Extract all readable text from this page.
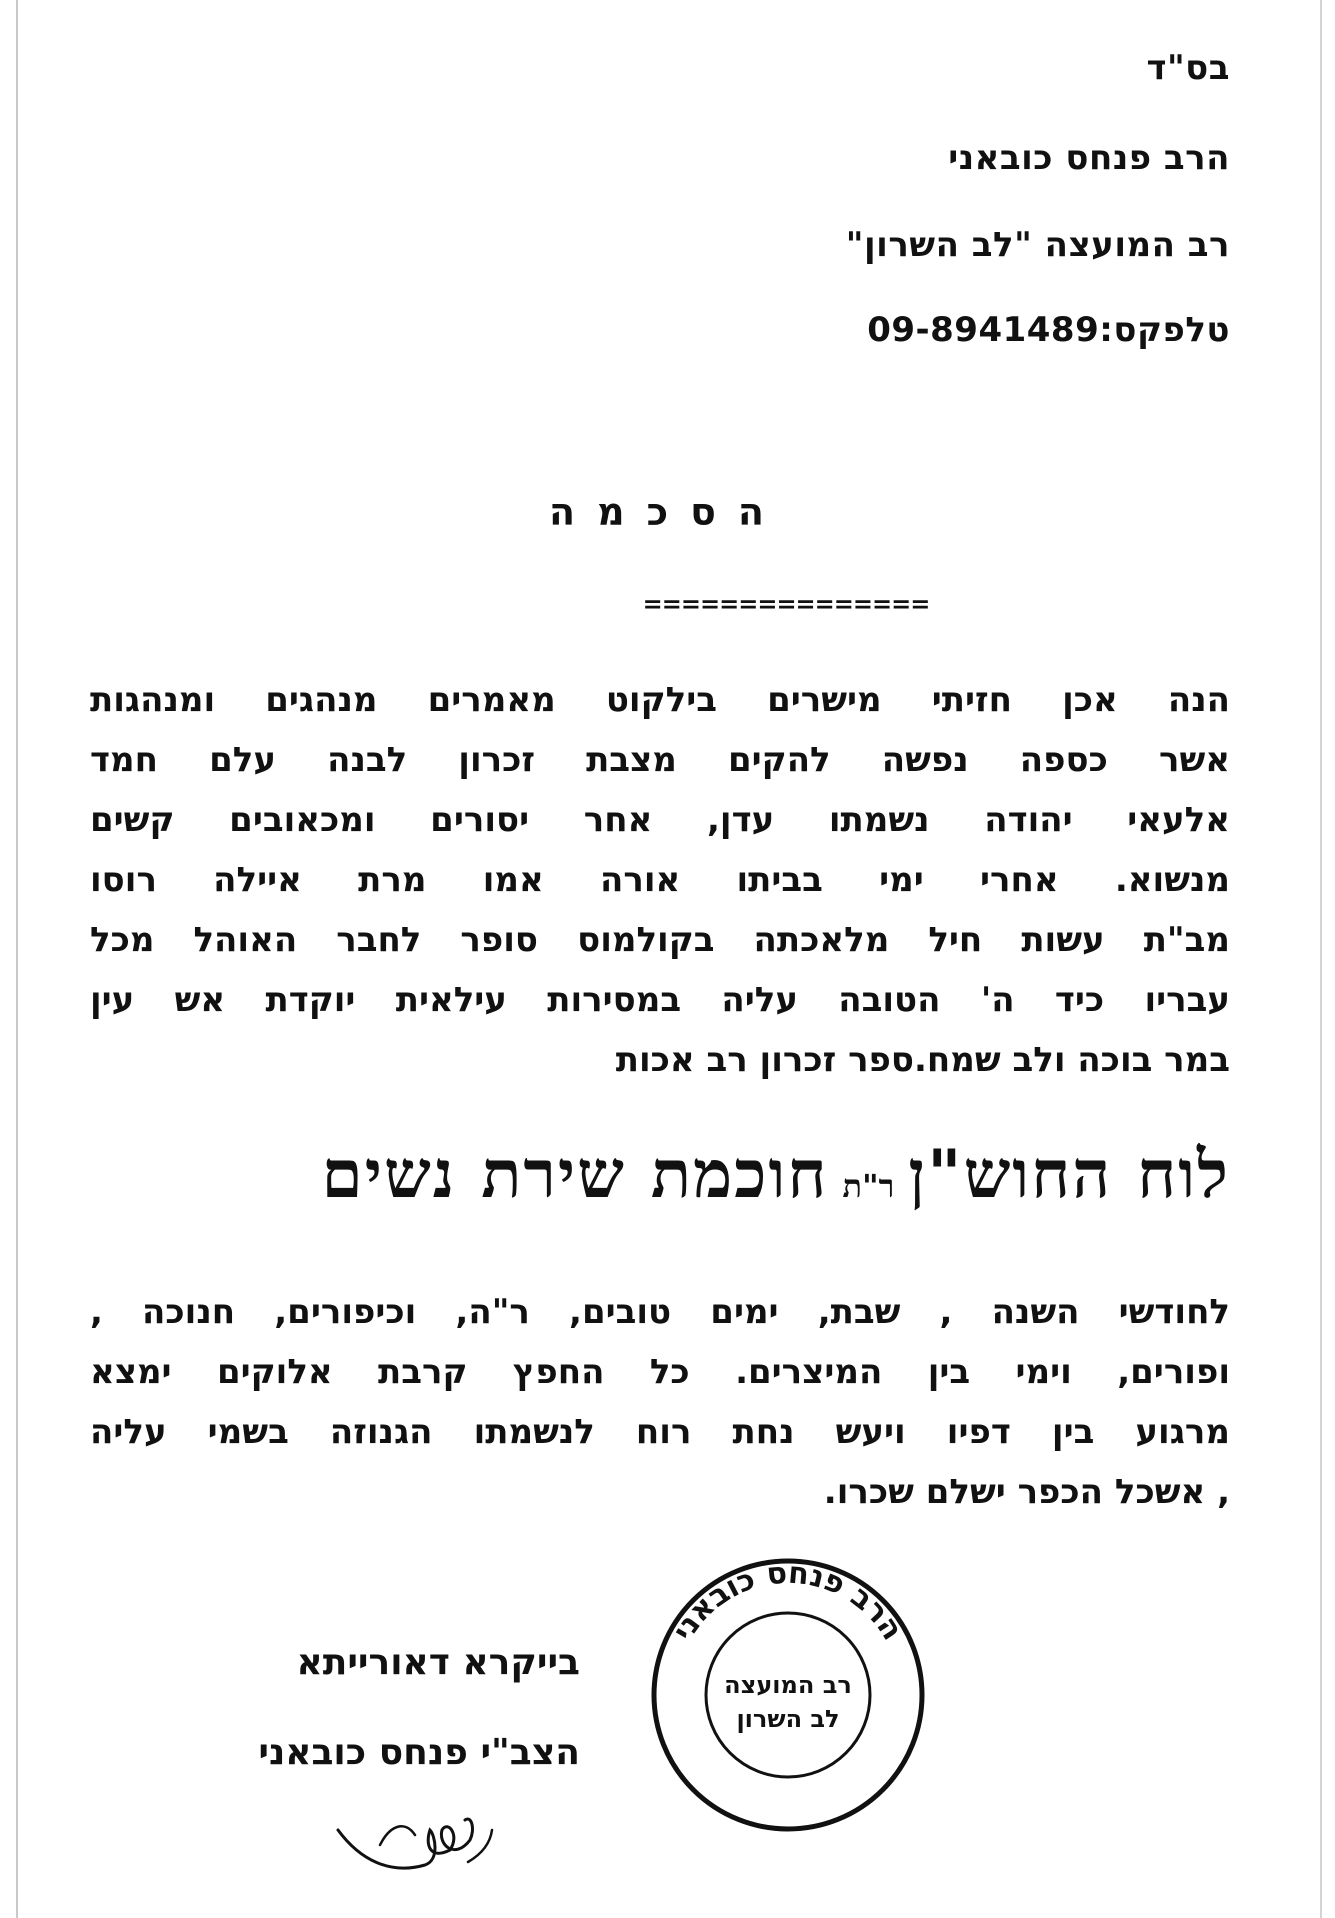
בס"ד
הרב פנחס כובאני
רב המועצה "לב השרון"
טלפקס:09-8941489
הסכמה
===============
הנה אכן חזיתי מישרים בילקוט מאמרים מנהגים ומנהגות
אשר כספה נפשה להקים מצבת זכרון לבנה עלם חמד
אלעאי יהודה נשמתו עדן, אחר יסורים ומכאובים קשים
מנשוא. אחרי ימי בביתו אורה אמו מרת איילה רוסו
מב"ת עשות חיל מלאכתה בקולמוס סופר לחבר האוהל מכל
עבריו כיד ה' הטובה עליה במסירות עילאית יוקדת אש עין
במר בוכה ולב שמח.ספר זכרון רב אכות
לוח החוש"ןר"תחוכמת שירת נשים
לחודשי השנה , שבת, ימים טובים, ר"ה, וכיפורים, חנוכה ,
ופורים, וימי בין המיצרים. כל החפץ קרבת אלוקים ימצא
מרגוע בין דפיו ויעש נחת רוח לנשמתו הגנוזה בשמי עליה
, אשכל הכפר ישלם שכרו.
הרב פנחס כובאני
רב המועצה
לב השרון
בייקרא דאורייתא
הצב"י פנחס כובאני
